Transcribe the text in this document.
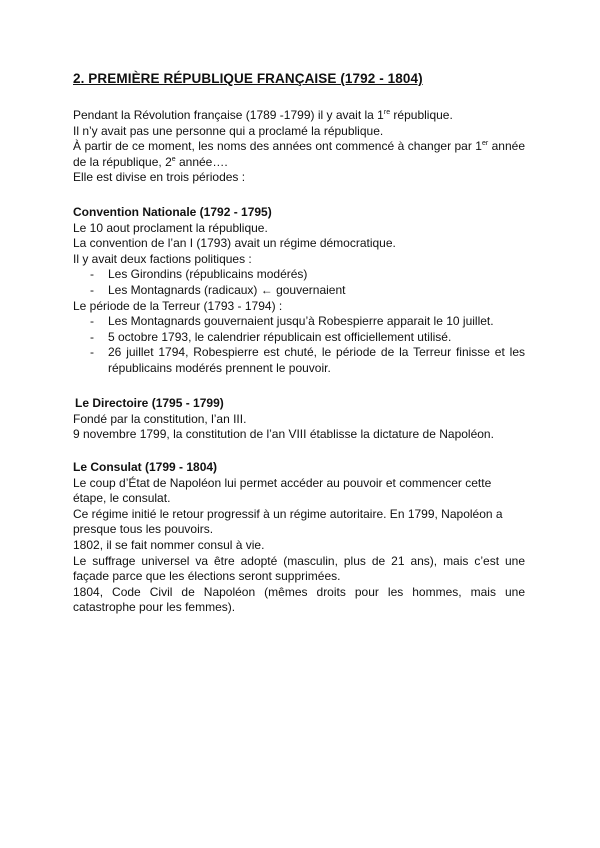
2. PREMIÈRE RÉPUBLIQUE FRANÇAISE (1792 - 1804)

Pendant la Révolution française (1789 -1799) il y avait la 1re république.

Il n’y avait pas une personne qui a proclamé la république.

À partir de ce moment, les noms des années ont commencé à changer par 1er année de la république, 2e année….

Elle est divise en trois périodes :

Convention Nationale (1792 - 1795)

Le 10 aout proclament la république.

La convention de l’an I (1793) avait un régime démocratique.

Il y avait deux factions politiques :

- Les Girondins (républicains modérés)
- Les Montagnards (radicaux) ← gouvernaient

Le période de la Terreur (1793 - 1794) :

- Les Montagnards gouvernaient jusqu’à Robespierre apparait le 10 juillet.
- 5 octobre 1793, le calendrier républicain est officiellement utilisé.
- 26 juillet 1794, Robespierre est chuté, le période de la Terreur finisse et les républicains modérés prennent le pouvoir.

Le Directoire (1795 - 1799)

Fondé par la constitution, l’an III.

9 novembre 1799, la constitution de l’an VIII établisse la dictature de Napoléon.

Le Consulat (1799 - 1804)

Le coup d’État de Napoléon lui permet accéder au pouvoir et commencer cette étape, le consulat.

Ce régime initié le retour progressif à un régime autoritaire. En 1799, Napoléon a presque tous les pouvoirs.

1802, il se fait nommer consul à vie.

Le suffrage universel va être adopté (masculin, plus de 21 ans), mais c’est une façade parce que les élections seront supprimées.

1804, Code Civil de Napoléon (mêmes droits pour les hommes, mais une catastrophe pour les femmes).
